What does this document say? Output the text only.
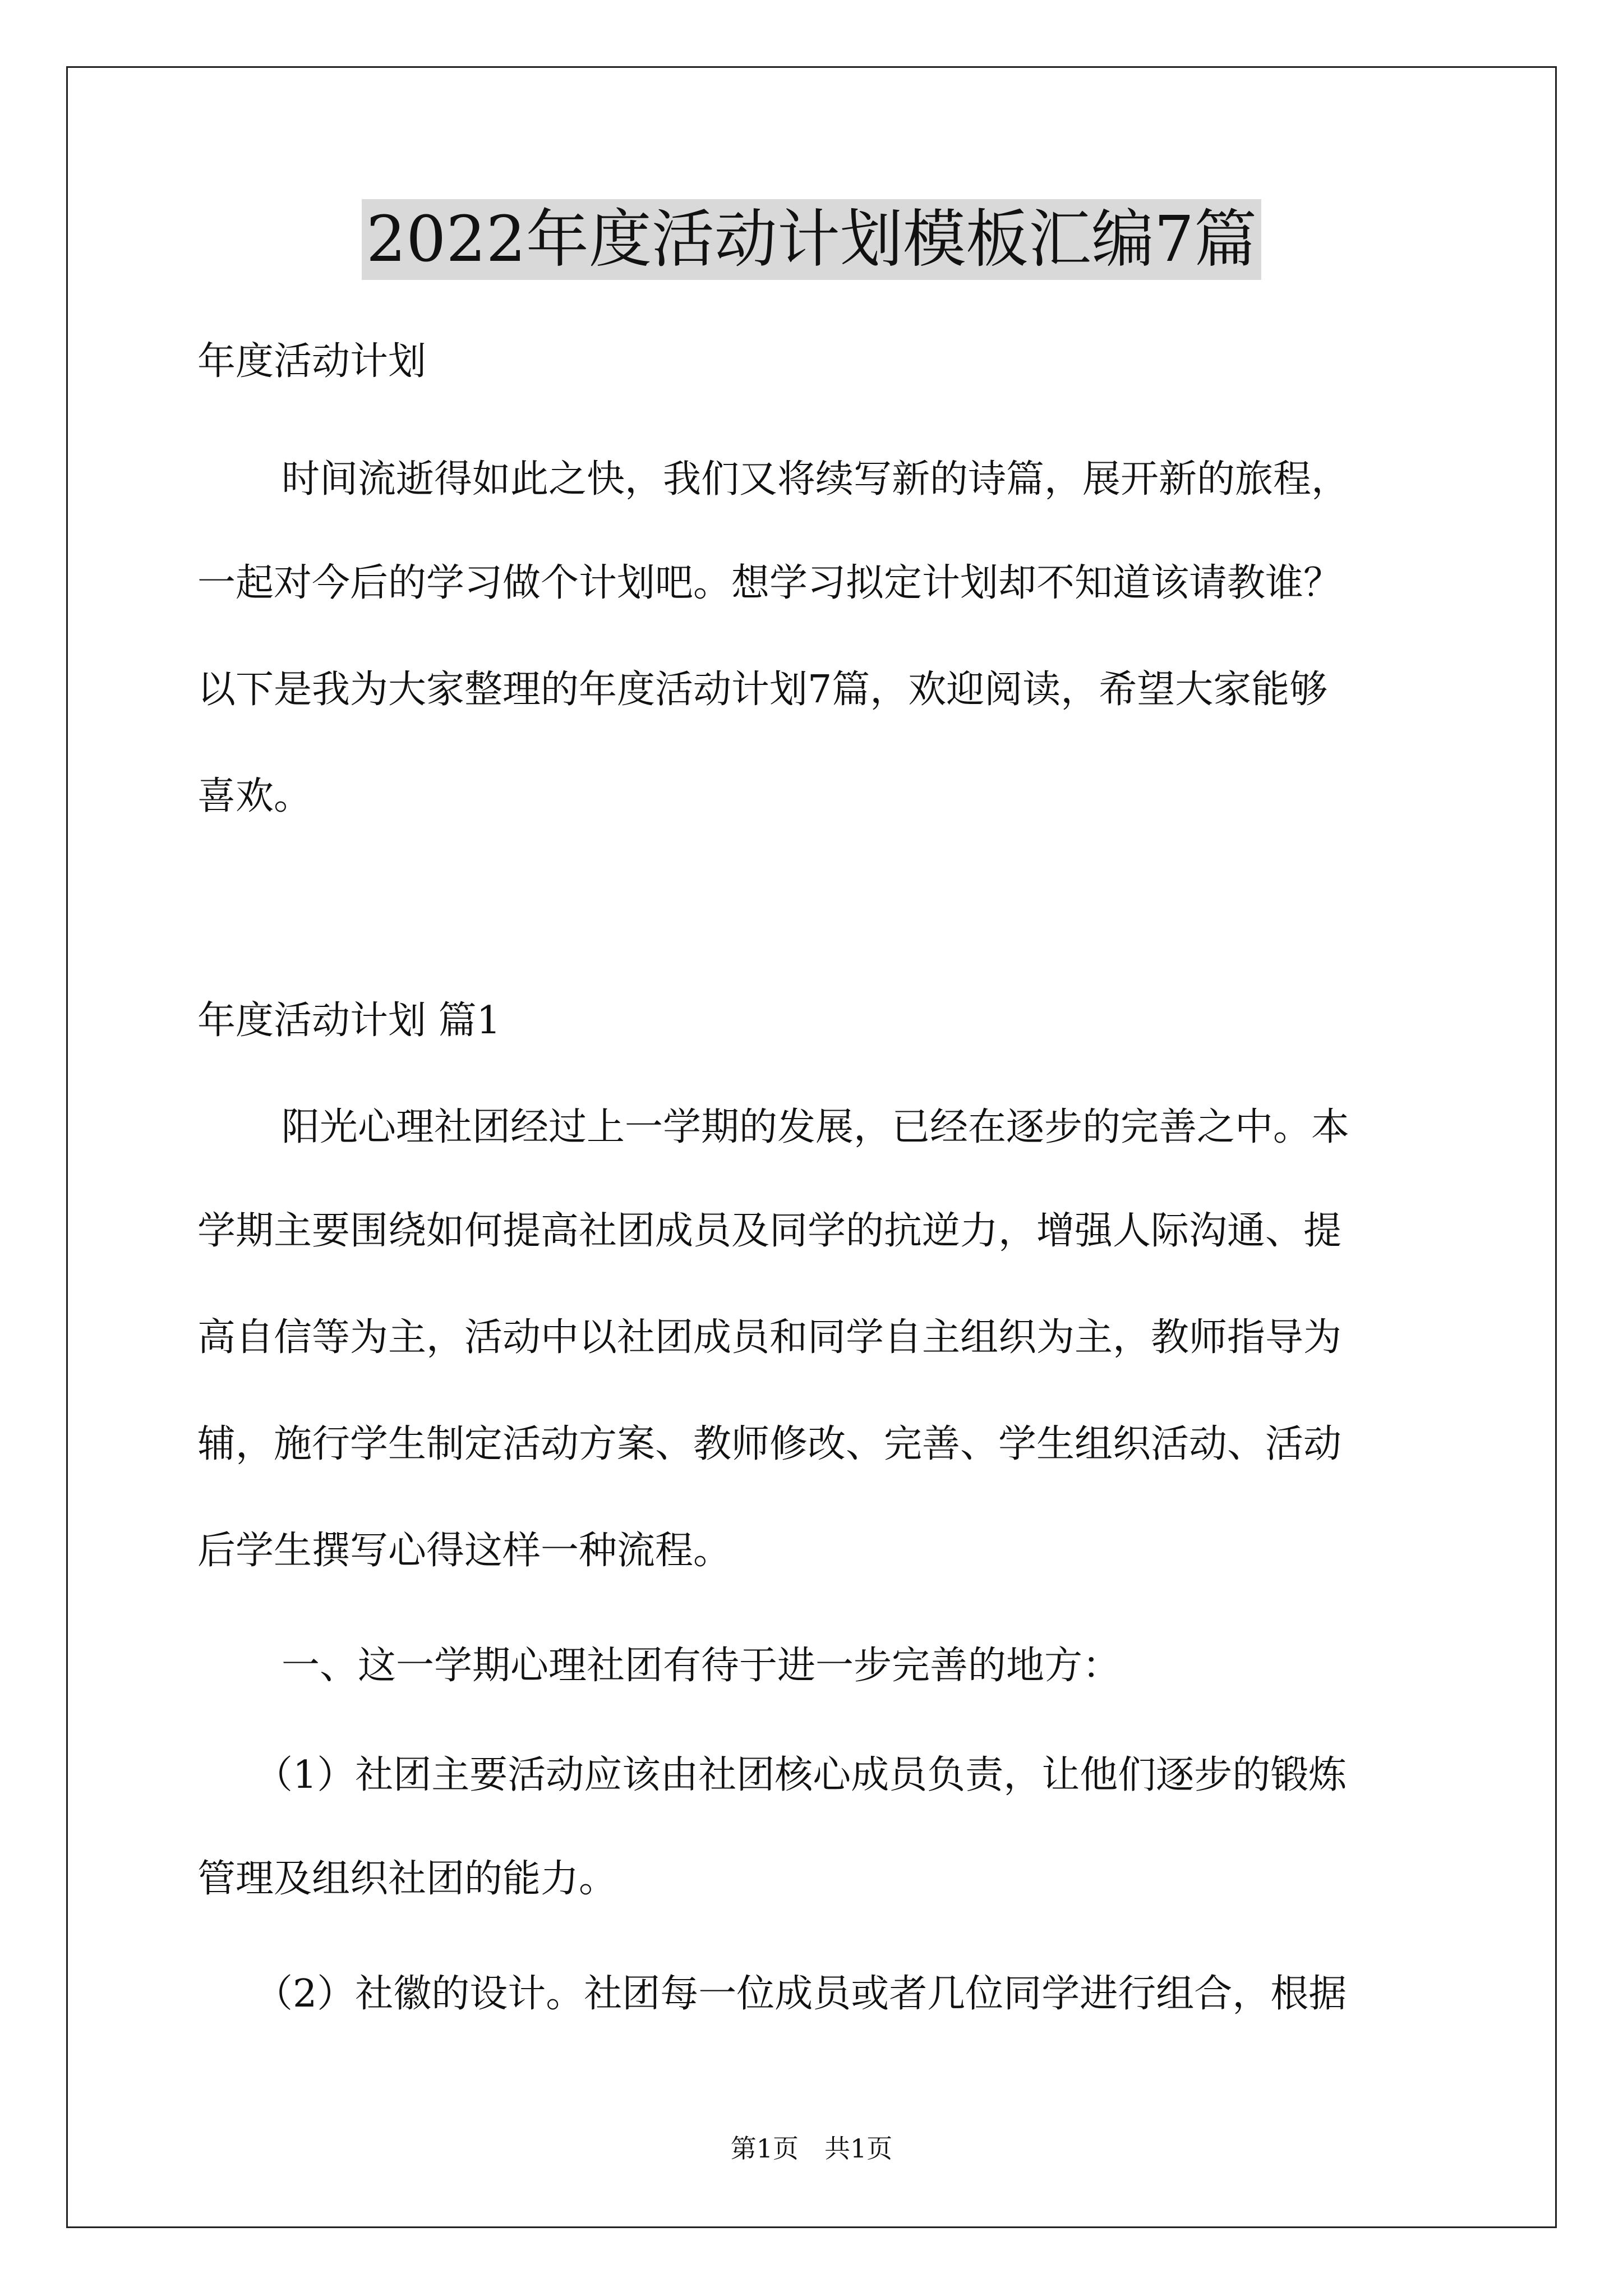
2022年度活动计划模板汇编7篇
年度活动计划
时间流逝得如此之快，我们又将续写新的诗篇，展开新的旅程，
一起对今后的学习做个计划吧。想学习拟定计划却不知道该请教谁？
以下是我为大家整理的年度活动计划7篇，欢迎阅读，希望大家能够
喜欢。
年度活动计划 篇1
阳光心理社团经过上一学期的发展，已经在逐步的完善之中。本
学期主要围绕如何提高社团成员及同学的抗逆力，增强人际沟通、提
高自信等为主，活动中以社团成员和同学自主组织为主，教师指导为
辅，施行学生制定活动方案、教师修改、完善、学生组织活动、活动
后学生撰写心得这样一种流程。
一、这一学期心理社团有待于进一步完善的地方：
（1）社团主要活动应该由社团核心成员负责，让他们逐步的锻炼
管理及组织社团的能力。
（2）社徽的设计。社团每一位成员或者几位同学进行组合，根据
第1页　共1页
